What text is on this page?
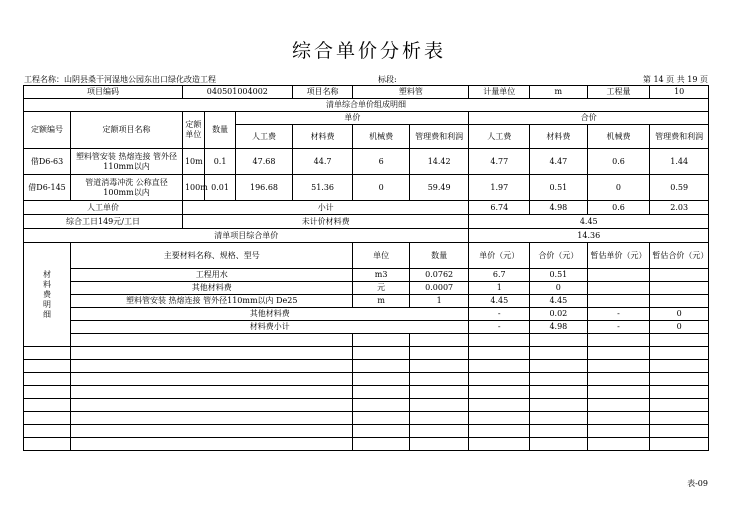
综合单价分析表
工程名称：山阴县桑干河湿地公园东出口绿化改造工程	标段:	第 14 页 共 19 页
项目编码		040501004002			项目名称	塑料管		计量单位	m	工程量	10
清单综合单价组成明细											
定额编号	定额项目名称	定额单位	数量	单价				合价			
				人工费	材料费	机械费	管理费和利润	人工费	材料费	机械费	管理费和利润
借D6-63	塑料管安装 热熔连接 管外径110mm以内	10m	0.1	47.68	44.7	6	14.42	4.77	4.47	0.6	1.44
借D6-145	管道消毒冲洗 公称直径100mm以内	100m	0.01	196.68	51.36	0	59.49	1.97	0.51	0	0.59
人工单价		小计						6.74	4.98	0.6	2.03
综合工日149元/工日		未计价材料费						4.45			
清单项目综合单价								14.36			
材料费明细	主要材料名称、规格、型号					单位	数量	单价（元）	合价（元）	暂估单价（元）	暂估合价（元）
	工程用水					m3	0.0762	6.7	0.51		
	其他材料费					元	0.0007	1	0		
	塑料管安装 热熔连接 管外径110mm以内 De25					m	1	4.45	4.45		
	其他材料费							-	0.02	-	0
	材料费小计							-	4.98	-	0

表-09
